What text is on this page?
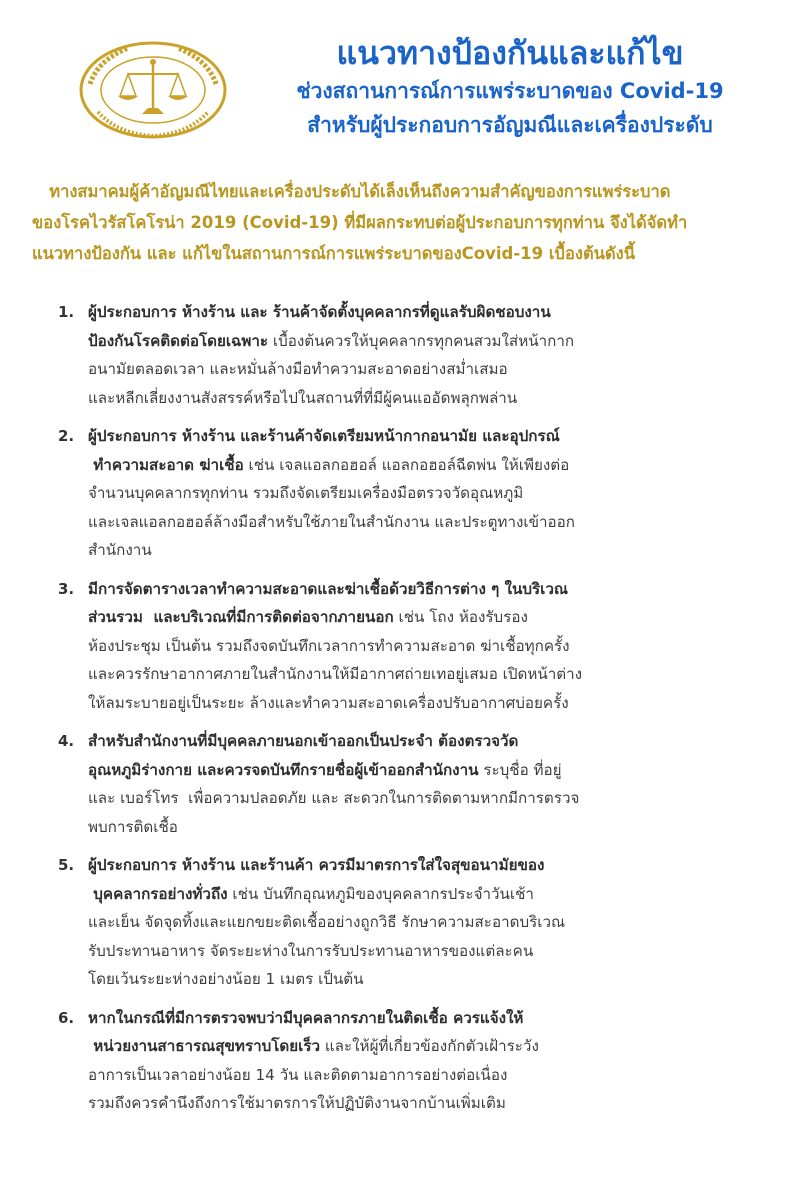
แนวทางป้องกันและแก้ไข
ช่วงสถานการณ์การแพร่ระบาดของ Covid-19
สำหรับผู้ประกอบการอัญมณีและเครื่องประดับ
ทางสมาคมผู้ค้าอัญมณีไทยและเครื่องประดับได้เล็งเห็นถึงความสำคัญของการแพร่ระบาด
ของโรคไวรัสโคโรน่า 2019 (Covid-19) ที่มีผลกระทบต่อผู้ประกอบการทุกท่าน จึงได้จัดทำ
แนวทางป้องกัน และ แก้ไขในสถานการณ์การแพร่ระบาดของCovid-19 เบื้องต้นดังนี้
1. ผู้ประกอบการ ห้างร้าน และ ร้านค้าจัดตั้งบุคคลากรที่ดูแลรับผิดชอบงาน
ป้องกันโรคติดต่อโดยเฉพาะ เบื้องต้นควรให้บุคคลากรทุกคนสวมใส่หน้ากาก
อนามัยตลอดเวลา และหมั่นล้างมือทำความสะอาดอย่างสม่ำเสมอ
และหลีกเลี่ยงงานสังสรรค์หรือไปในสถานที่ที่มีผู้คนแออัดพลุกพล่าน
2. ผู้ประกอบการ ห้างร้าน และร้านค้าจัดเตรียมหน้ากากอนามัย และอุปกรณ์
ทำความสะอาด ฆ่าเชื้อ เช่น เจลแอลกอฮอล์ แอลกอฮอล์ฉีดพ่น ให้เพียงต่อ
จำนวนบุคคลากรทุกท่าน รวมถึงจัดเตรียมเครื่องมือตรวจวัดอุณหภูมิ
และเจลแอลกอฮอล์ล้างมือสำหรับใช้ภายในสำนักงาน และประตูทางเข้าออก
สำนักงาน
3. มีการจัดตารางเวลาทำความสะอาดและฆ่าเชื้อด้วยวิธีการต่าง ๆ ในบริเวณ
ส่วนรวม  และบริเวณที่มีการติดต่อจากภายนอก เช่น โถง ห้องรับรอง
ห้องประชุม เป็นต้น รวมถึงจดบันทึกเวลาการทำความสะอาด ฆ่าเชื้อทุกครั้ง
และควรรักษาอากาศภายในสำนักงานให้มีอากาศถ่ายเทอยู่เสมอ เปิดหน้าต่าง
ให้ลมระบายอยู่เป็นระยะ ล้างและทำความสะอาดเครื่องปรับอากาศบ่อยครั้ง
4. สำหรับสำนักงานที่มีบุคคลภายนอกเข้าออกเป็นประจำ ต้องตรวจวัด
อุณหภูมิร่างกาย และควรจดบันทึกรายชื่อผู้เข้าออกสำนักงาน ระบุชื่อ ที่อยู่
และ เบอร์โทร  เพื่อความปลอดภัย และ สะดวกในการติดตามหากมีการตรวจ
พบการติดเชื้อ
5. ผู้ประกอบการ ห้างร้าน และร้านค้า ควรมีมาตรการใส่ใจสุขอนามัยของ
บุคคลากรอย่างทั่วถึง เช่น บันทึกอุณหภูมิของบุคคลากรประจำวันเช้า
และเย็น จัดจุดทิ้งและแยกขยะติดเชื้ออย่างถูกวิธี รักษาความสะอาดบริเวณ
รับประทานอาหาร จัดระยะห่างในการรับประทานอาหารของแต่ละคน
โดยเว้นระยะห่างอย่างน้อย 1 เมตร เป็นต้น
6. หากในกรณีที่มีการตรวจพบว่ามีบุคคลากรภายในติดเชื้อ ควรแจ้งให้
หน่วยงานสาธารณสุขทราบโดยเร็ว และให้ผู้ที่เกี่ยวข้องกักตัวเฝ้าระวัง
อาการเป็นเวลาอย่างน้อย 14 วัน และติดตามอาการอย่างต่อเนื่อง
รวมถึงควรคำนึงถึงการใช้มาตรการให้ปฏิบัติงานจากบ้านเพิ่มเติม
